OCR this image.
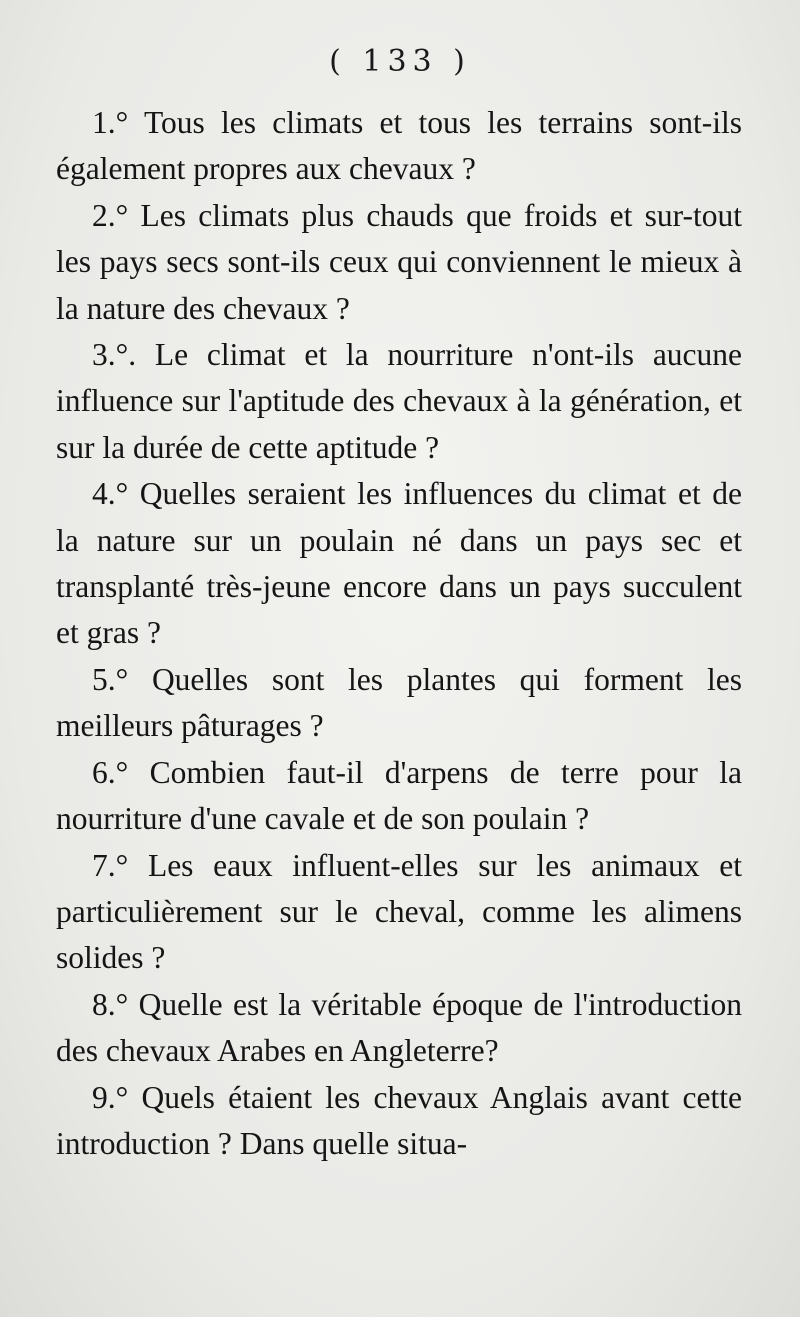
( 133 )

1.° Tous les climats et tous les terrains sont-ils également propres aux chevaux ?

2.° Les climats plus chauds que froids et sur-tout les pays secs sont-ils ceux qui conviennent le mieux à la nature des chevaux ?

3.°. Le climat et la nourriture n'ont-ils aucune influence sur l'aptitude des chevaux à la génération, et sur la durée de cette aptitude ?

4.° Quelles seraient les influences du climat et de la nature sur un poulain né dans un pays sec et transplanté très-jeune encore dans un pays succulent et gras ?

5.° Quelles sont les plantes qui forment les meilleurs pâturages ?

6.° Combien faut-il d'arpens de terre pour la nourriture d'une cavale et de son poulain ?

7.° Les eaux influent-elles sur les animaux et particulièrement sur le cheval, comme les alimens solides ?

8.° Quelle est la véritable époque de l'introduction des chevaux Arabes en Angleterre?

9.° Quels étaient les chevaux Anglais avant cette introduction ? Dans quelle situa-
